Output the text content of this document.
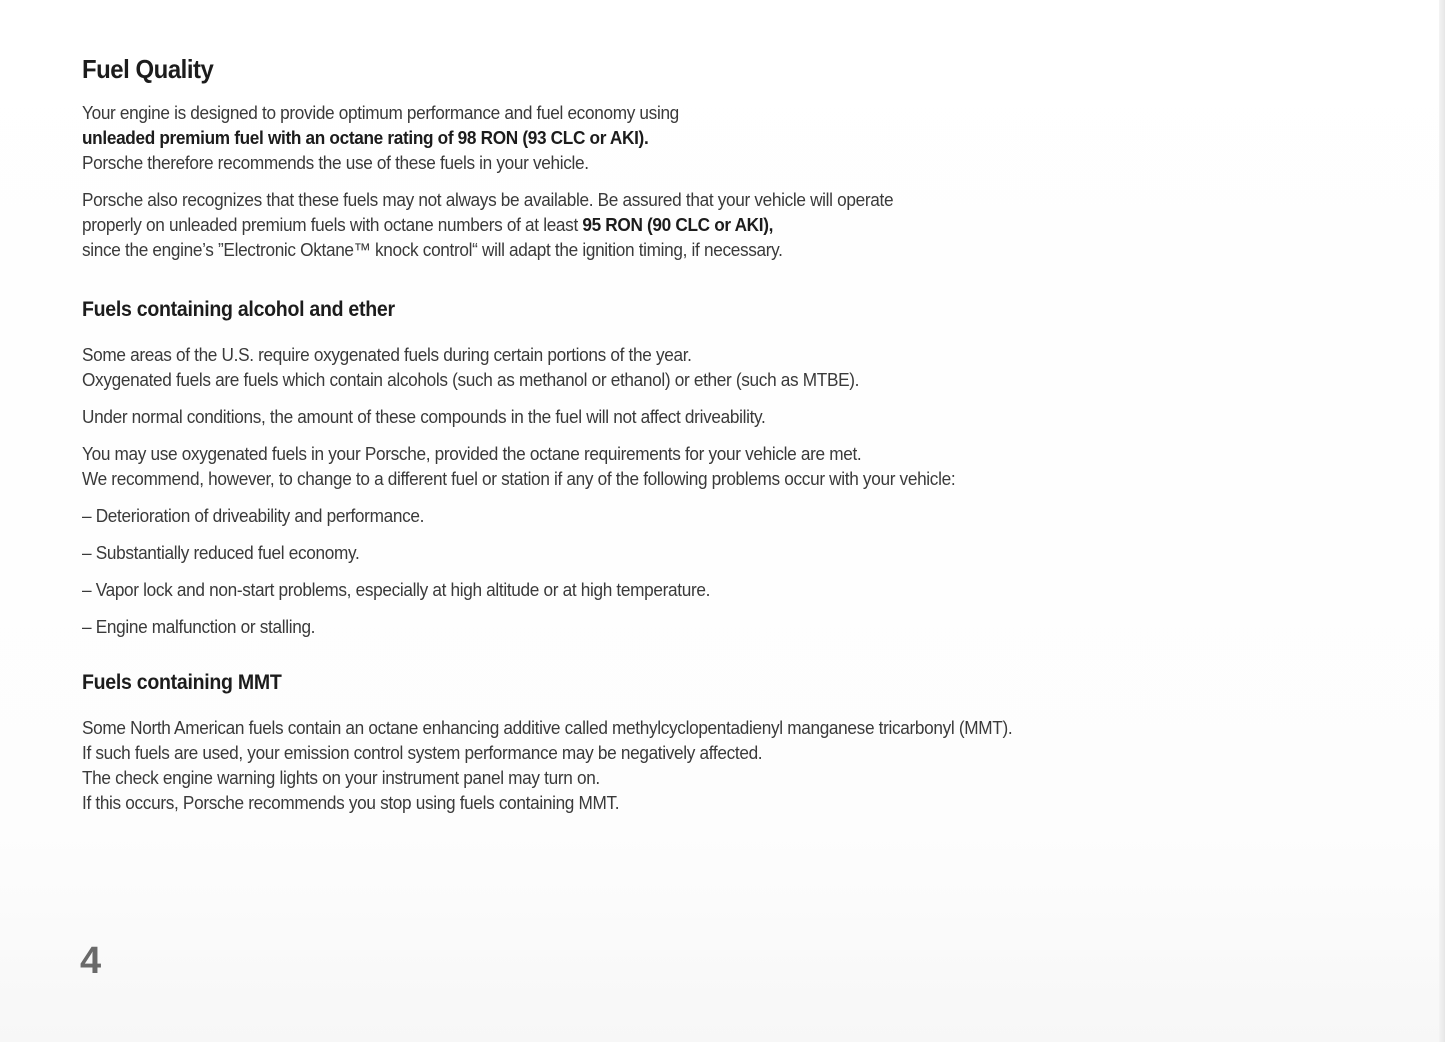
Fuel Quality

Your engine is designed to provide optimum performance and fuel economy using
unleaded premium fuel with an octane rating of 98 RON (93 CLC or AKI).
Porsche therefore recommends the use of these fuels in your vehicle.

Porsche also recognizes that these fuels may not always be available. Be assured that your vehicle will operate
properly on unleaded premium fuels with octane numbers of at least 95 RON (90 CLC or AKI),
since the engine’s ”Electronic Oktane™ knock control“ will adapt the ignition timing, if necessary.

Fuels containing alcohol and ether

Some areas of the U.S. require oxygenated fuels during certain portions of the year.
Oxygenated fuels are fuels which contain alcohols (such as methanol or ethanol) or ether (such as MTBE).

Under normal conditions, the amount of these compounds in the fuel will not affect driveability.

You may use oxygenated fuels in your Porsche, provided the octane requirements for your vehicle are met.
We recommend, however, to change to a different fuel or station if any of the following problems occur with your vehicle:

– Deterioration of driveability and performance.

– Substantially reduced fuel economy.

– Vapor lock and non-start problems, especially at high altitude or at high temperature.

– Engine malfunction or stalling.

Fuels containing MMT

Some North American fuels contain an octane enhancing additive called methylcyclopentadienyl manganese tricarbonyl (MMT).
If such fuels are used, your emission control system performance may be negatively affected.
The check engine warning lights on your instrument panel may turn on.
If this occurs, Porsche recommends you stop using fuels containing MMT.

4
